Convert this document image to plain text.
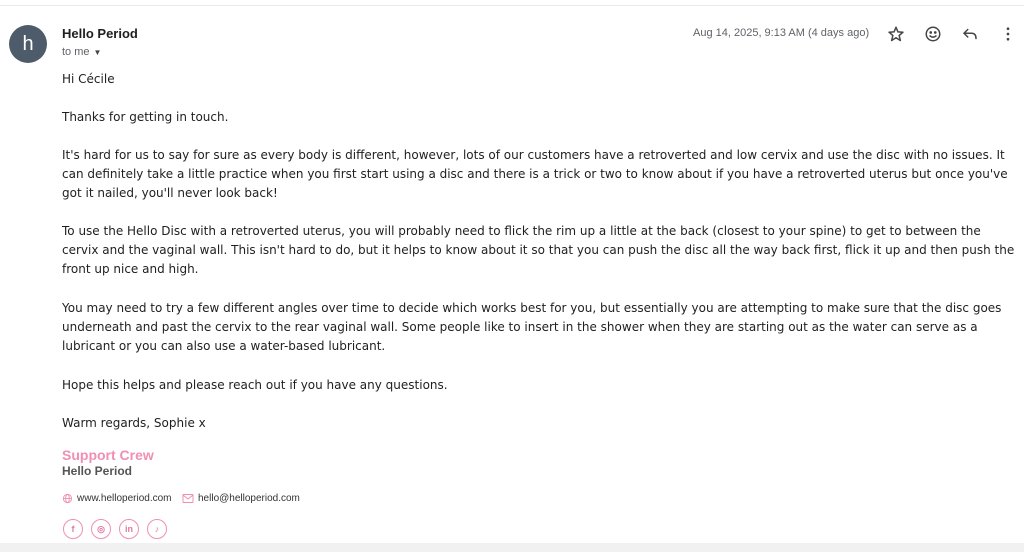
h Hello Period
to me ▼
Aug 14, 2025, 9:13 AM (4 days ago)
Hi Cécile
Thanks for getting in touch.
It's hard for us to say for sure as every body is different, however, lots of our customers have a retroverted and low cervix and use the disc with no issues. It can definitely take a little practice when you first start using a disc and there is a trick or two to know about if you have a retroverted uterus but once you've got it nailed, you'll never look back!
To use the Hello Disc with a retroverted uterus, you will probably need to flick the rim up a little at the back (closest to your spine) to get to between the cervix and the vaginal wall. This isn't hard to do, but it helps to know about it so that you can push the disc all the way back first, flick it up and then push the front up nice and high.
You may need to try a few different angles over time to decide which works best for you, but essentially you are attempting to make sure that the disc goes underneath and past the cervix to the rear vaginal wall. Some people like to insert in the shower when they are starting out as the water can serve as a lubricant or you can also use a water-based lubricant.
Hope this helps and please reach out if you have any questions.
Warm regards, Sophie x
Support Crew
Hello Period
www.helloperiod.com	hello@helloperiod.com
f	◎ in ♪
